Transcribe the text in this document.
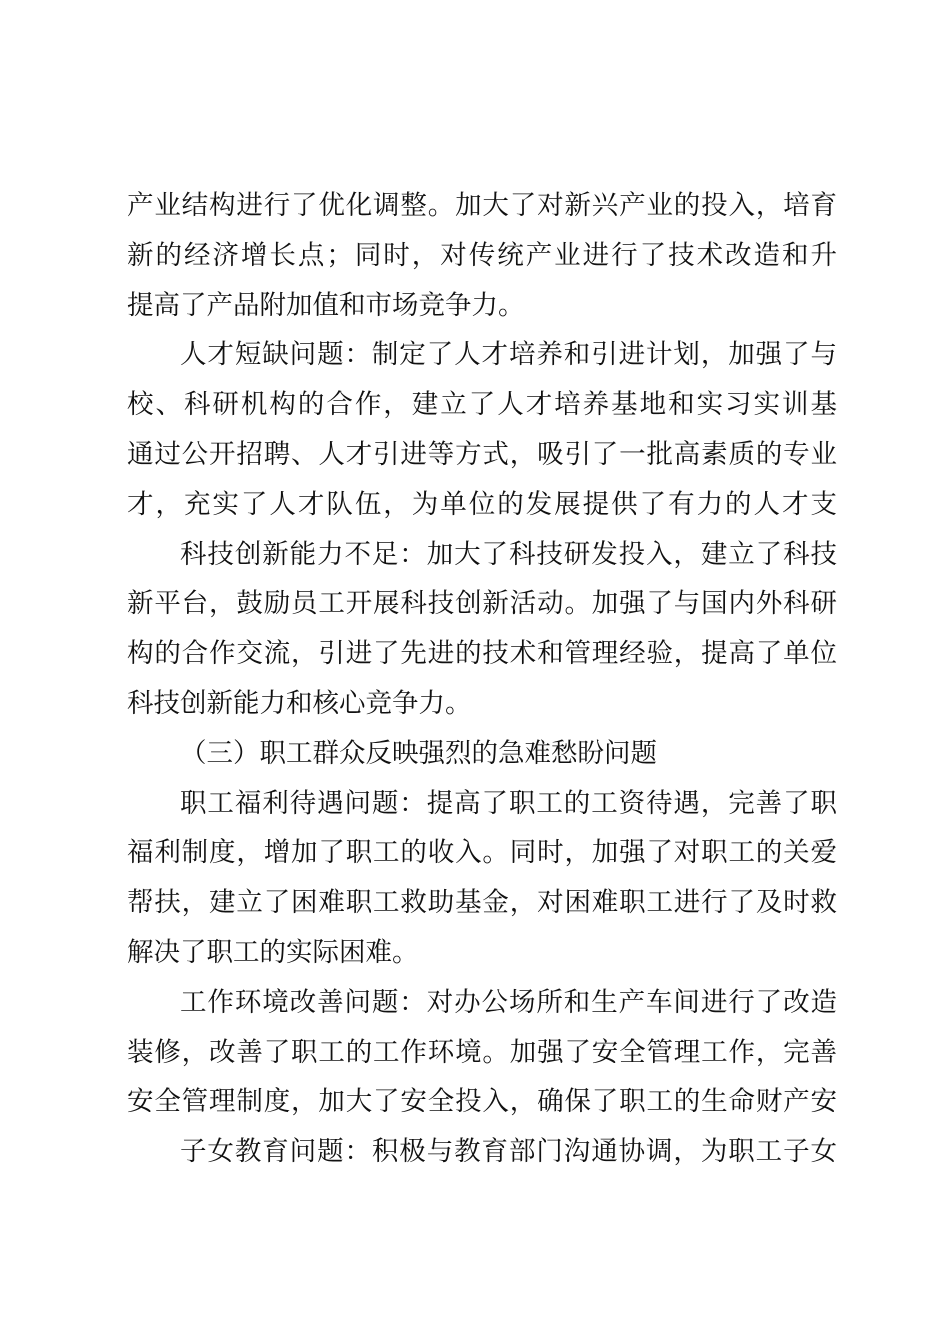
产业结构进行了优化调整。加大了对新兴产业的投入，培育
新的经济增长点；同时，对传统产业进行了技术改造和升
提高了产品附加值和市场竞争力。
人才短缺问题：制定了人才培养和引进计划，加强了与
校、科研机构的合作，建立了人才培养基地和实习实训基
通过公开招聘、人才引进等方式，吸引了一批高素质的专业
才，充实了人才队伍，为单位的发展提供了有力的人才支
科技创新能力不足：加大了科技研发投入，建立了科技
新平台，鼓励员工开展科技创新活动。加强了与国内外科研
构的合作交流，引进了先进的技术和管理经验，提高了单位
科技创新能力和核心竞争力。
（三）职工群众反映强烈的急难愁盼问题
职工福利待遇问题：提高了职工的工资待遇，完善了职
福利制度，增加了职工的收入。同时，加强了对职工的关爱
帮扶，建立了困难职工救助基金，对困难职工进行了及时救
解决了职工的实际困难。
工作环境改善问题：对办公场所和生产车间进行了改造
装修，改善了职工的工作环境。加强了安全管理工作，完善
安全管理制度，加大了安全投入，确保了职工的生命财产安
子女教育问题：积极与教育部门沟通协调，为职工子女
